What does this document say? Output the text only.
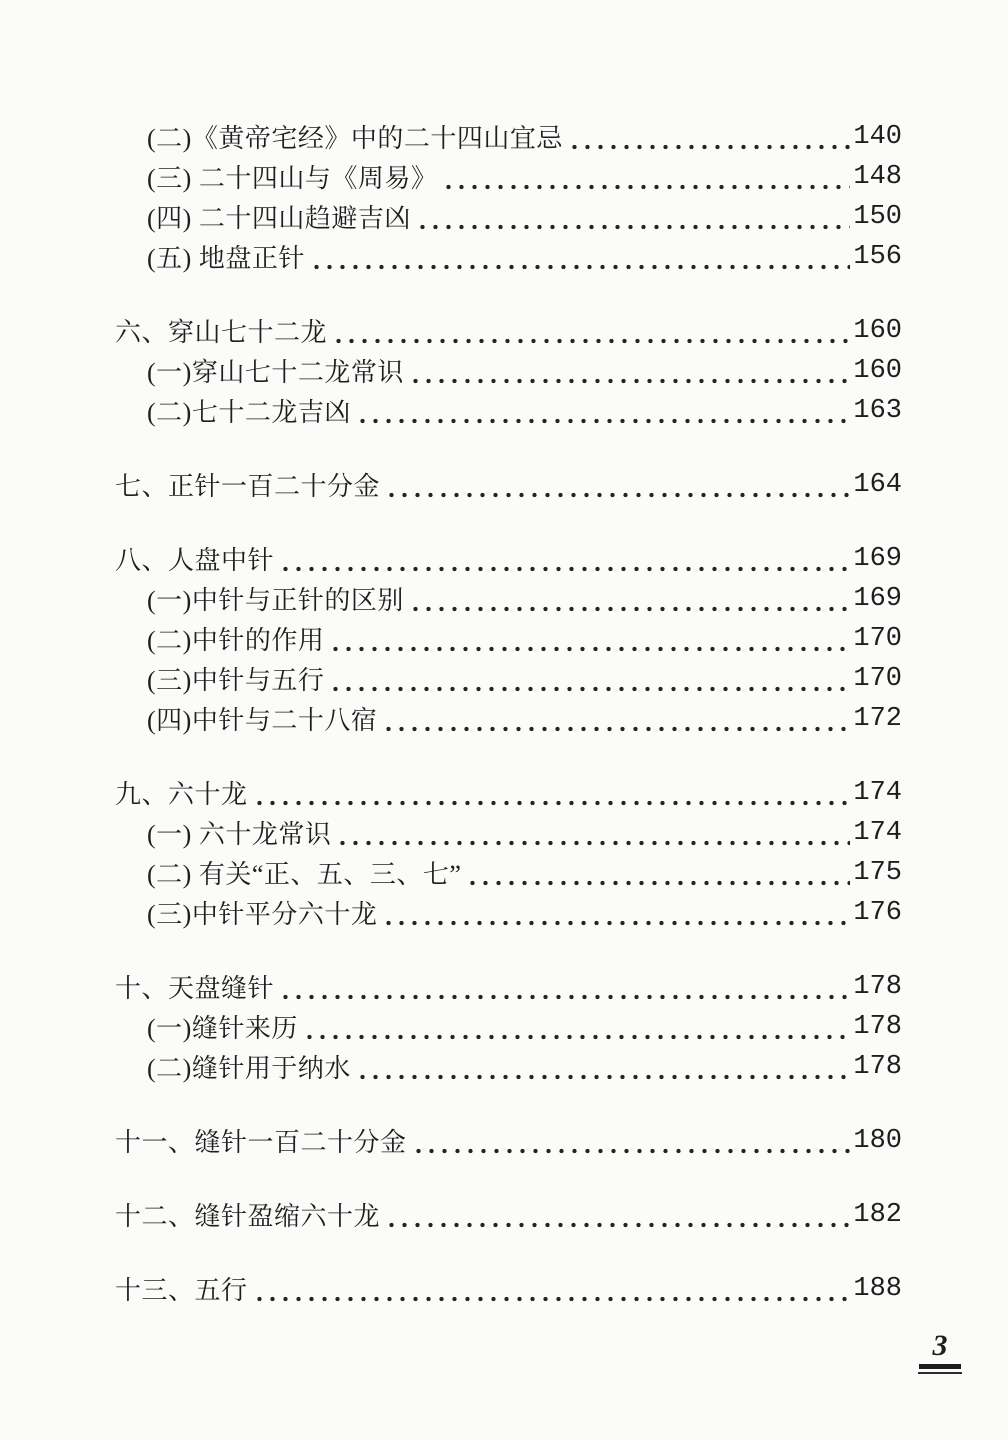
(二)《黄帝宅经》中的二十四山宜忌	140
(三) 二十四山与《周易》	148
(四) 二十四山趋避吉凶	150
(五) 地盘正针	156
六、穿山七十二龙	160
(一)穿山七十二龙常识	160
(二)七十二龙吉凶	163
七、正针一百二十分金	164
八、人盘中针	169
(一)中针与正针的区别	169
(二)中针的作用	170
(三)中针与五行	170
(四)中针与二十八宿	172
九、六十龙	174
(一) 六十龙常识	174
(二) 有关“正、五、三、七”	175
(三)中针平分六十龙	176
十、天盘缝针	178
(一)缝针来历	178
(二)缝针用于纳水	178
十一、缝针一百二十分金	180
十二、缝针盈缩六十龙	182
十三、五行	188
3
